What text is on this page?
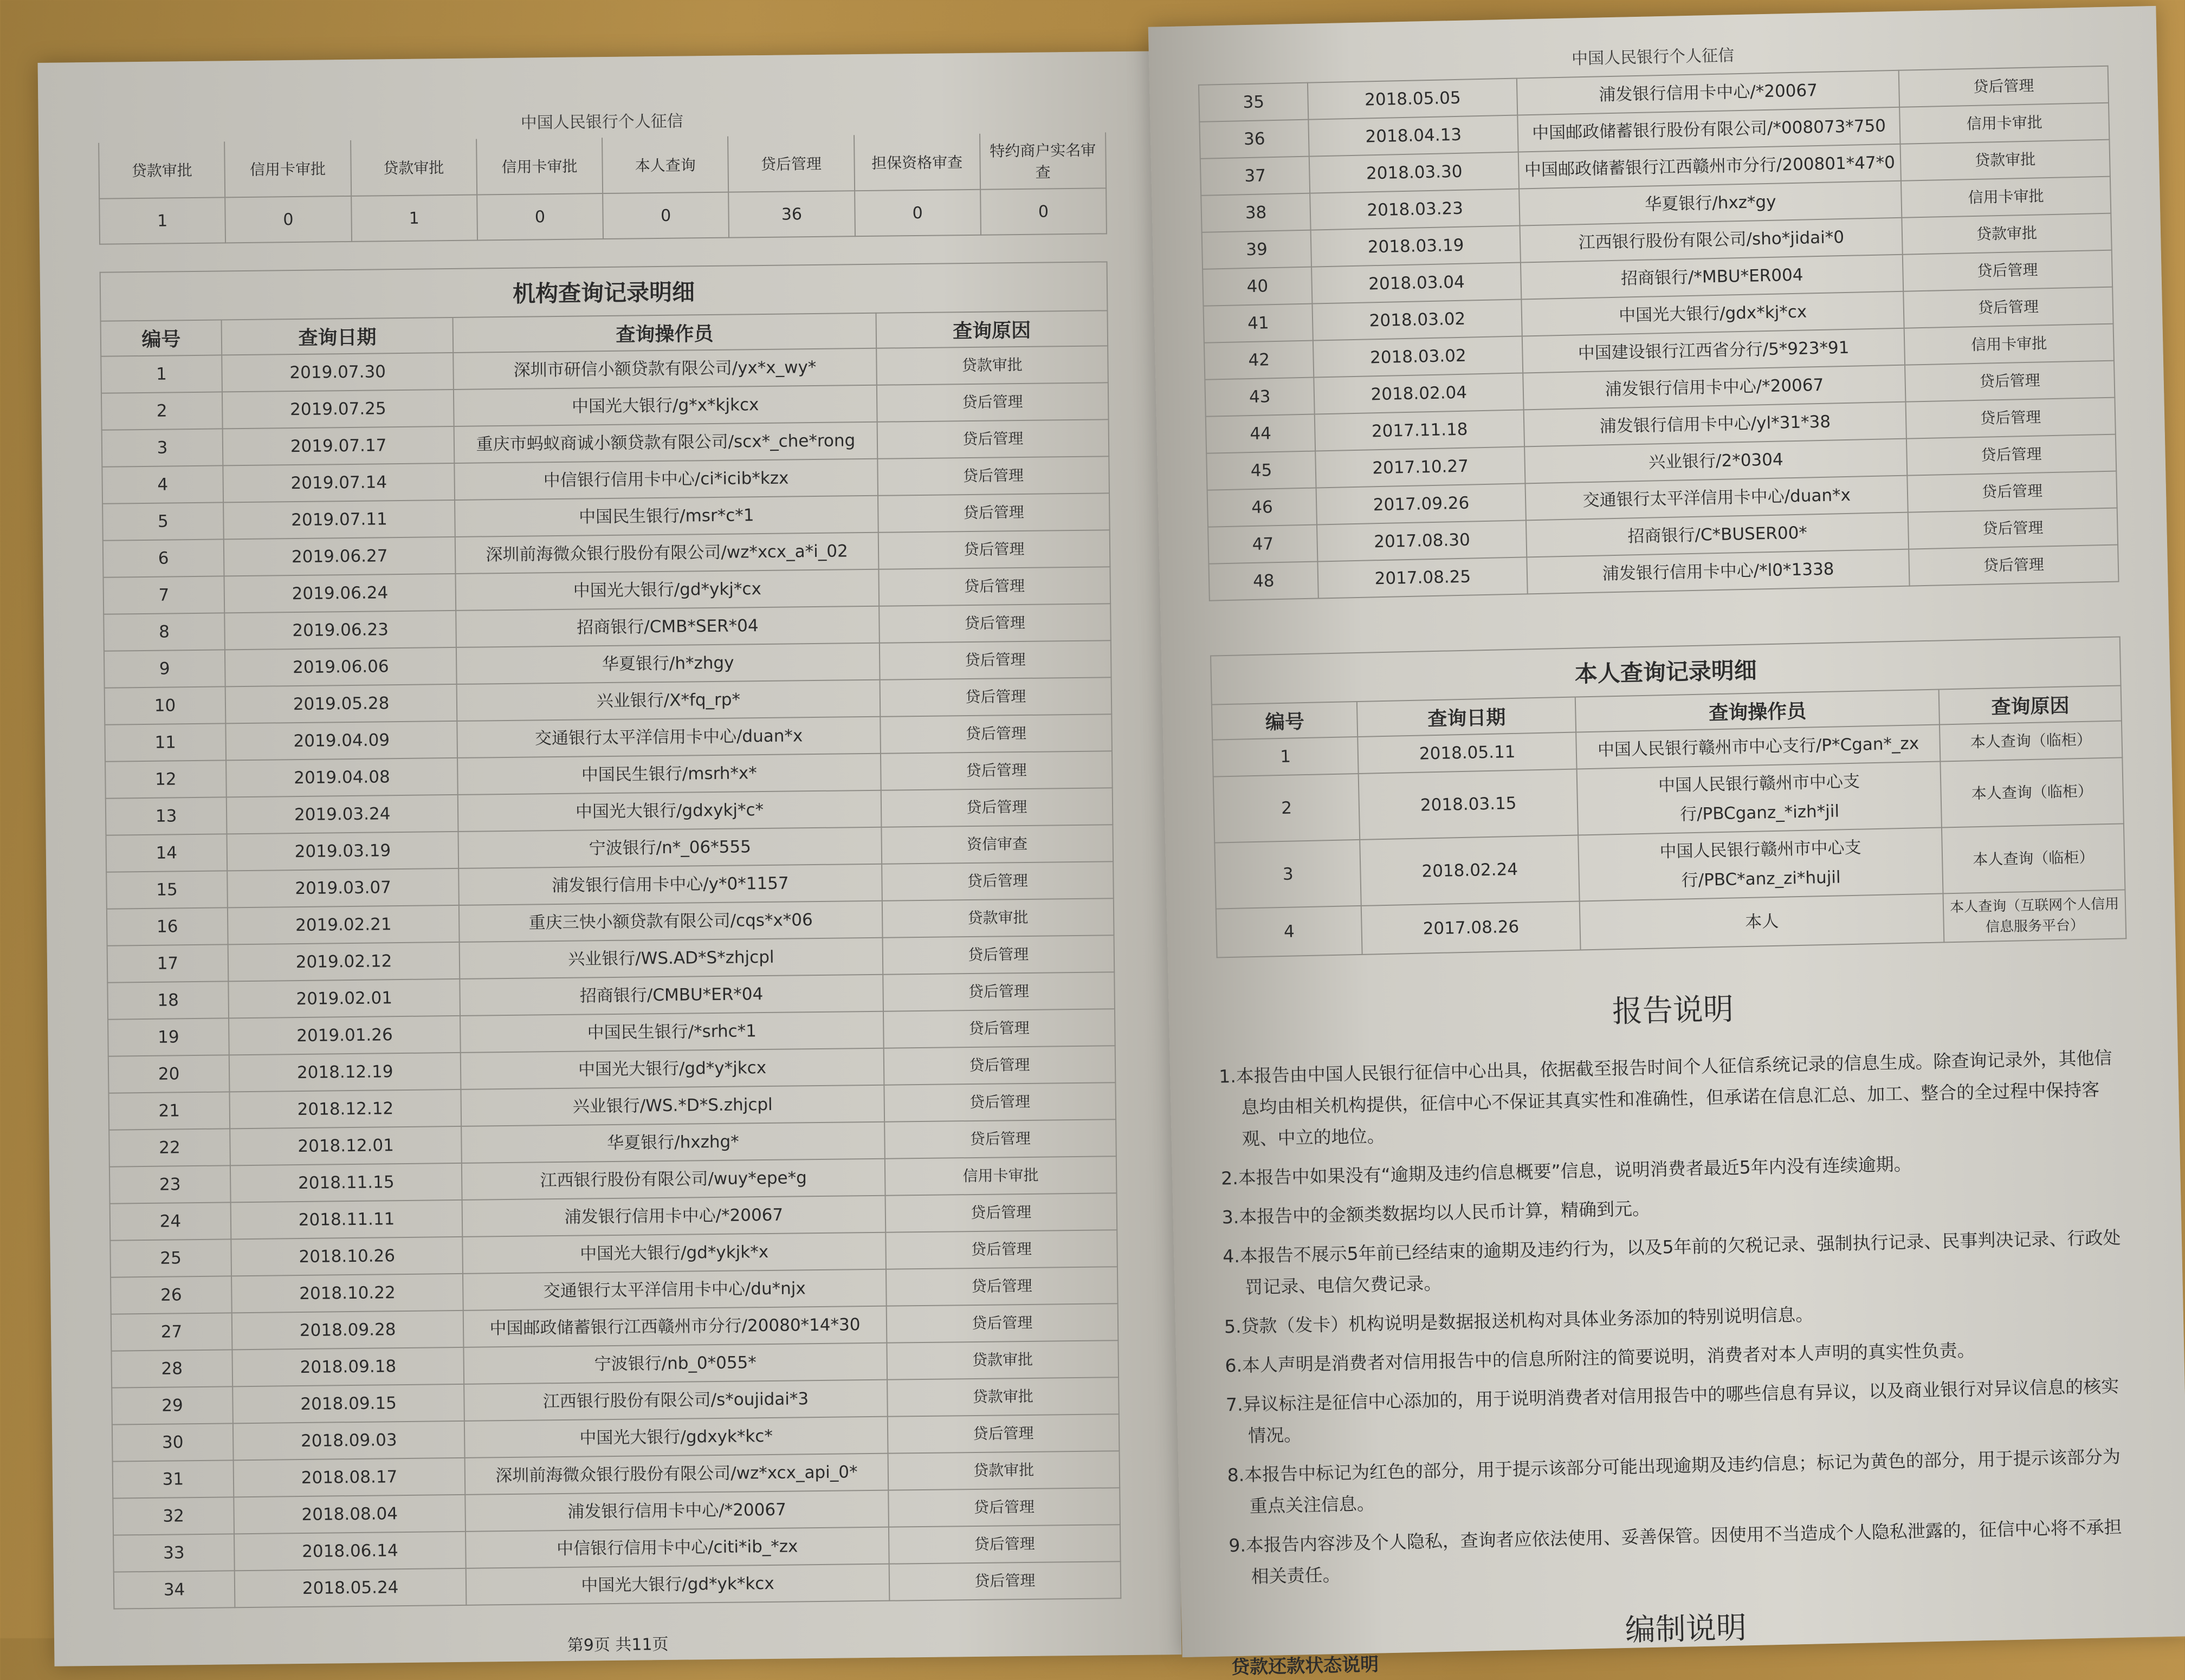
中国人民银行个人征信
贷款审批	信用卡审批	贷款审批	信用卡审批	本人查询	贷后管理	担保资格审查	特约商户实名审查
1	0	1	0	0	36	0	0
机构查询记录明细
编号	查询日期	查询操作员	查询原因
1	2019.07.30	深圳市研信小额贷款有限公司/yx*x_wy*	贷款审批
2	2019.07.25	中国光大银行/g*x*kjkcx	贷后管理
3	2019.07.17	重庆市蚂蚁商诚小额贷款有限公司/scx*_che*rong	贷后管理
4	2019.07.14	中信银行信用卡中心/ci*icib*kzx	贷后管理
5	2019.07.11	中国民生银行/msr*c*1	贷后管理
6	2019.06.27	深圳前海微众银行股份有限公司/wz*xcx_a*i_02	贷后管理
7	2019.06.24	中国光大银行/gd*ykj*cx	贷后管理
8	2019.06.23	招商银行/CMB*SER*04	贷后管理
9	2019.06.06	华夏银行/h*zhgy	贷后管理
10	2019.05.28	兴业银行/X*fq_rp*	贷后管理
11	2019.04.09	交通银行太平洋信用卡中心/duan*x	贷后管理
12	2019.04.08	中国民生银行/msrh*x*	贷后管理
13	2019.03.24	中国光大银行/gdxykj*c*	贷后管理
14	2019.03.19	宁波银行/n*_06*555	资信审查
15	2019.03.07	浦发银行信用卡中心/y*0*1157	贷后管理
16	2019.02.21	重庆三快小额贷款有限公司/cqs*x*06	贷款审批
17	2019.02.12	兴业银行/WS.AD*S*zhjcpl	贷后管理
18	2019.02.01	招商银行/CMBU*ER*04	贷后管理
19	2019.01.26	中国民生银行/*srhc*1	贷后管理
20	2018.12.19	中国光大银行/gd*y*jkcx	贷后管理
21	2018.12.12	兴业银行/WS.*D*S.zhjcpl	贷后管理
22	2018.12.01	华夏银行/hxzhg*	贷后管理
23	2018.11.15	江西银行股份有限公司/wuy*epe*g	信用卡审批
24	2018.11.11	浦发银行信用卡中心/*20067	贷后管理
25	2018.10.26	中国光大银行/gd*ykjk*x	贷后管理
26	2018.10.22	交通银行太平洋信用卡中心/du*njx	贷后管理
27	2018.09.28	中国邮政储蓄银行江西赣州市分行/20080*14*30	贷后管理
28	2018.09.18	宁波银行/nb_0*055*	贷款审批
29	2018.09.15	江西银行股份有限公司/s*oujidai*3	贷款审批
30	2018.09.03	中国光大银行/gdxyk*kc*	贷后管理
31	2018.08.17	深圳前海微众银行股份有限公司/wz*xcx_api_0*	贷款审批
32	2018.08.04	浦发银行信用卡中心/*20067	贷后管理
33	2018.06.14	中信银行信用卡中心/citi*ib_*zx	贷后管理
34	2018.05.24	中国光大银行/gd*yk*kcx	贷后管理
第9页 共11页
中国人民银行个人征信
35	2018.05.05	浦发银行信用卡中心/*20067	贷后管理
36	2018.04.13	中国邮政储蓄银行股份有限公司/*008073*750	信用卡审批
37	2018.03.30	中国邮政储蓄银行江西赣州市分行/200801*47*0	贷款审批
38	2018.03.23	华夏银行/hxz*gy	信用卡审批
39	2018.03.19	江西银行股份有限公司/sho*jidai*0	贷款审批
40	2018.03.04	招商银行/*MBU*ER004	贷后管理
41	2018.03.02	中国光大银行/gdx*kj*cx	贷后管理
42	2018.03.02	中国建设银行江西省分行/5*923*91	信用卡审批
43	2018.02.04	浦发银行信用卡中心/*20067	贷后管理
44	2017.11.18	浦发银行信用卡中心/yl*31*38	贷后管理
45	2017.10.27	兴业银行/2*0304	贷后管理
46	2017.09.26	交通银行太平洋信用卡中心/duan*x	贷后管理
47	2017.08.30	招商银行/C*BUSER00*	贷后管理
48	2017.08.25	浦发银行信用卡中心/*l0*1338	贷后管理
本人查询记录明细
编号	查询日期	查询操作员	查询原因
1	2018.05.11	中国人民银行赣州市中心支行/P*Cgan*_zx	本人查询（临柜）
2	2018.03.15	中国人民银行赣州市中心支行/PBCganz_*izh*jil	本人查询（临柜）
3	2018.02.24	中国人民银行赣州市中心支行/PBC*anz_zi*hujil	本人查询（临柜）
4	2017.08.26	本人	本人查询（互联网个人信用信息服务平台）
报告说明

1.本报告由中国人民银行征信中心出具，依据截至报告时间个人征信系统记录的信息生成。除查询记录外，其他信息均由相关机构提供，征信中心不保证其真实性和准确性，但承诺在信息汇总、加工、整合的全过程中保持客观、中立的地位。

2.本报告中如果没有“逾期及违约信息概要”信息，说明消费者最近5年内没有连续逾期。

3.本报告中的金额类数据均以人民币计算，精确到元。

4.本报告不展示5年前已经结束的逾期及违约行为，以及5年前的欠税记录、强制执行记录、民事判决记录、行政处罚记录、电信欠费记录。

5.贷款（发卡）机构说明是数据报送机构对具体业务添加的特别说明信息。

6.本人声明是消费者对信用报告中的信息所附注的简要说明，消费者对本人声明的真实性负责。

7.异议标注是征信中心添加的，用于说明消费者对信用报告中的哪些信息有异议，以及商业银行对异议信息的核实情况。

8.本报告中标记为红色的部分，用于提示该部分可能出现逾期及违约信息；标记为黄色的部分，用于提示该部分为重点关注信息。

9.本报告内容涉及个人隐私，查询者应依法使用、妥善保管。因使用不当造成个人隐私泄露的，征信中心将不承担相关责任。

编制说明
贷款还款状态说明
